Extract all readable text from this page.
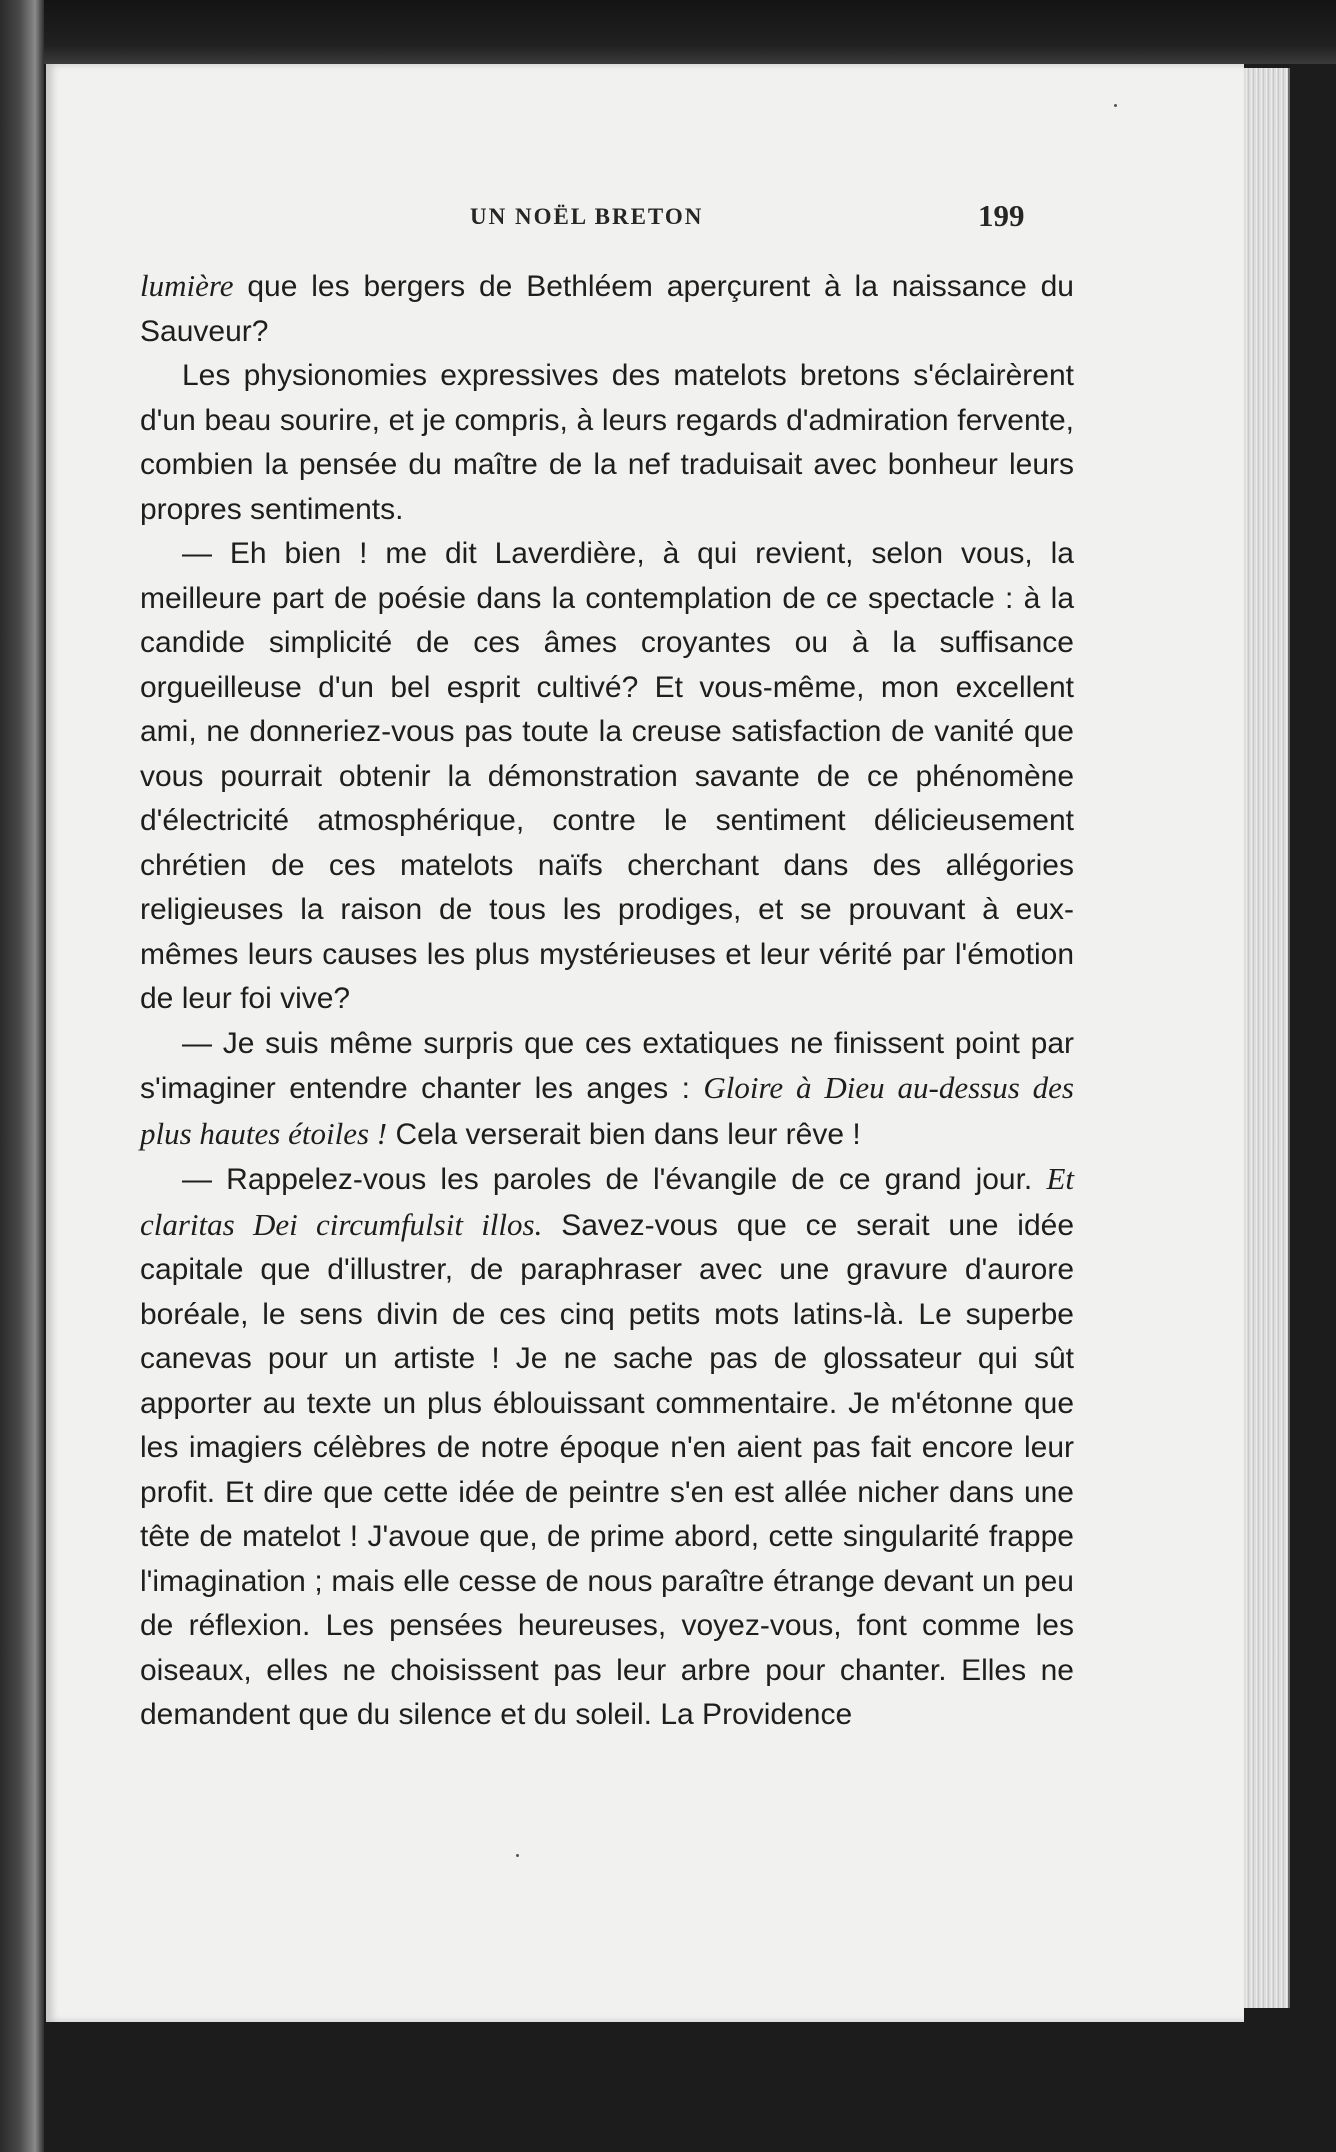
UN NOËL BRETON	199

lumière que les bergers de Bethléem aperçurent à la naissance du Sauveur?

Les physionomies expressives des matelots bretons s'éclairèrent d'un beau sourire, et je compris, à leurs regards d'admiration fervente, combien la pensée du maître de la nef traduisait avec bonheur leurs propres sentiments.

— Eh bien ! me dit Laverdière, à qui revient, selon vous, la meilleure part de poésie dans la contemplation de ce spectacle : à la candide simplicité de ces âmes croyantes ou à la suffisance orgueilleuse d'un bel esprit cultivé? Et vous-même, mon excellent ami, ne donneriez-vous pas toute la creuse satisfaction de vanité que vous pourrait obtenir la démonstration savante de ce phénomène d'électricité atmosphérique, contre le sentiment délicieusement chrétien de ces matelots naïfs cherchant dans des allégories religieuses la raison de tous les prodiges, et se prouvant à eux-mêmes leurs causes les plus mystérieuses et leur vérité par l'émotion de leur foi vive?

— Je suis même surpris que ces extatiques ne finissent point par s'imaginer entendre chanter les anges : Gloire à Dieu au-dessus des plus hautes étoiles ! Cela verserait bien dans leur rêve !

— Rappelez-vous les paroles de l'évangile de ce grand jour. Et claritas Dei circumfulsit illos. Savez-vous que ce serait une idée capitale que d'illustrer, de paraphraser avec une gravure d'aurore boréale, le sens divin de ces cinq petits mots latins-là. Le superbe canevas pour un artiste ! Je ne sache pas de glossateur qui sût apporter au texte un plus éblouissant commentaire. Je m'étonne que les imagiers célèbres de notre époque n'en aient pas fait encore leur profit. Et dire que cette idée de peintre s'en est allée nicher dans une tête de matelot ! J'avoue que, de prime abord, cette singularité frappe l'imagination ; mais elle cesse de nous paraître étrange devant un peu de réflexion. Les pensées heureuses, voyez-vous, font comme les oiseaux, elles ne choisissent pas leur arbre pour chanter. Elles ne demandent que du silence et du soleil. La Providence
